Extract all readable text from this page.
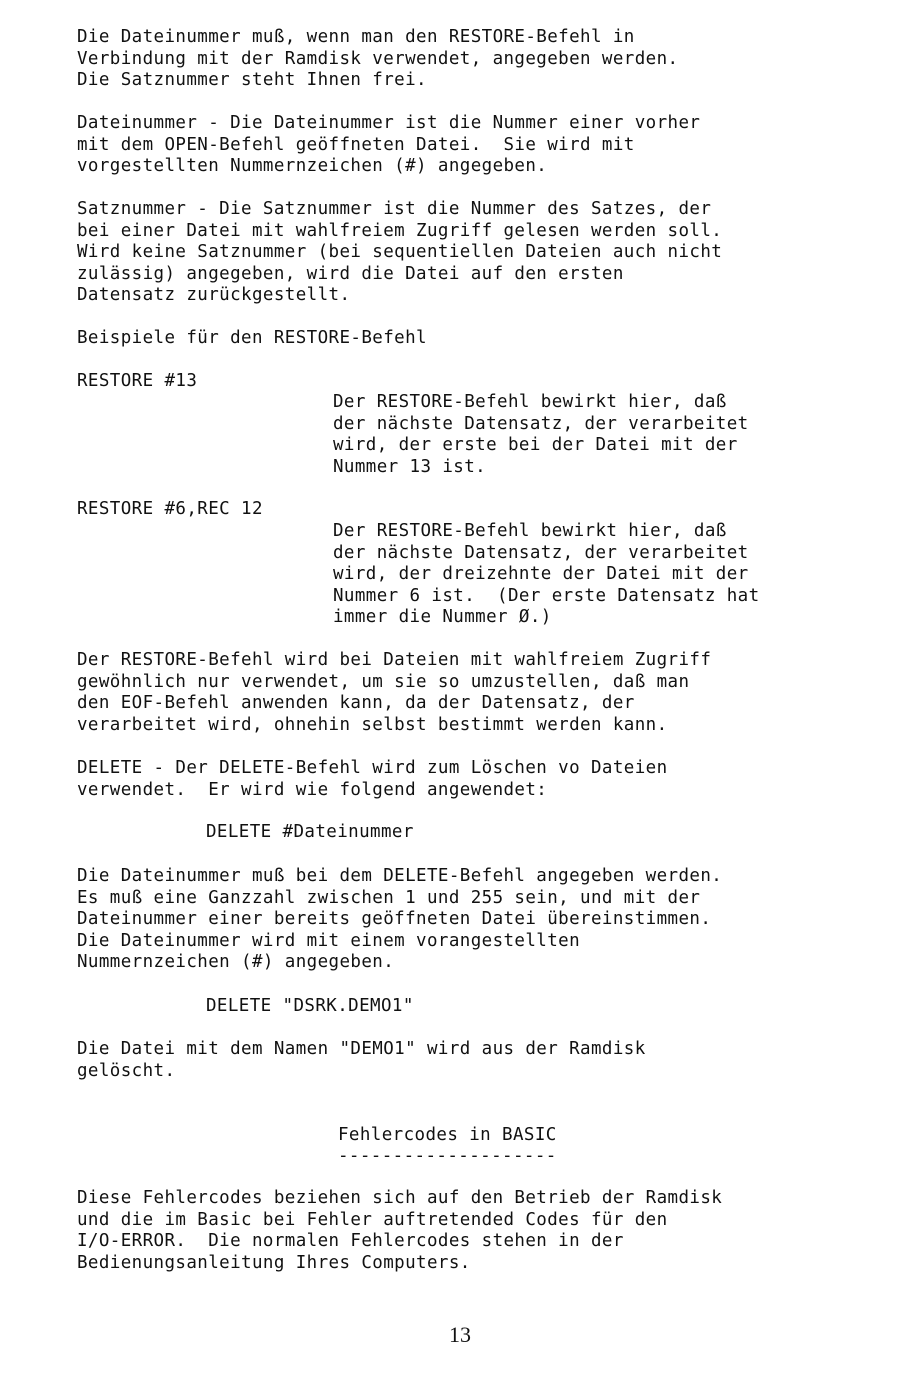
Die Dateinummer muß, wenn man den RESTORE-Befehl in
Verbindung mit der Ramdisk verwendet, angegeben werden.
Die Satznummer steht Ihnen frei.

Dateinummer - Die Dateinummer ist die Nummer einer vorher
mit dem OPEN-Befehl geöffneten Datei.  Sie wird mit
vorgestellten Nummernzeichen (#) angegeben.

Satznummer - Die Satznummer ist die Nummer des Satzes, der
bei einer Datei mit wahlfreiem Zugriff gelesen werden soll.
Wird keine Satznummer (bei sequentiellen Dateien auch nicht
zulässig) angegeben, wird die Datei auf den ersten
Datensatz zurückgestellt.

Beispiele für den RESTORE-Befehl

RESTORE #13

Der RESTORE-Befehl bewirkt hier, daß
der nächste Datensatz, der verarbeitet
wird, der erste bei der Datei mit der
Nummer 13 ist.

RESTORE #6,REC 12

Der RESTORE-Befehl bewirkt hier, daß
der nächste Datensatz, der verarbeitet
wird, der dreizehnte der Datei mit der
Nummer 6 ist.  (Der erste Datensatz hat
immer die Nummer Ø.)

Der RESTORE-Befehl wird bei Dateien mit wahlfreiem Zugriff
gewöhnlich nur verwendet, um sie so umzustellen, daß man
den EOF-Befehl anwenden kann, da der Datensatz, der
verarbeitet wird, ohnehin selbst bestimmt werden kann.

DELETE - Der DELETE-Befehl wird zum Löschen vo Dateien
verwendet.  Er wird wie folgend angewendet:

DELETE #Dateinummer

Die Dateinummer muß bei dem DELETE-Befehl angegeben werden.
Es muß eine Ganzzahl zwischen 1 und 255 sein, und mit der
Dateinummer einer bereits geöffneten Datei übereinstimmen.
Die Dateinummer wird mit einem vorangestellten
Nummernzeichen (#) angegeben.

DELETE "DSRK.DEMO1"

Die Datei mit dem Namen "DEMO1" wird aus der Ramdisk
gelöscht.

Fehlercodes in BASIC

--------------------

Diese Fehlercodes beziehen sich auf den Betrieb der Ramdisk
und die im Basic bei Fehler auftretended Codes für den
I/O-ERROR.  Die normalen Fehlercodes stehen in der
Bedienungsanleitung Ihres Computers.

13
